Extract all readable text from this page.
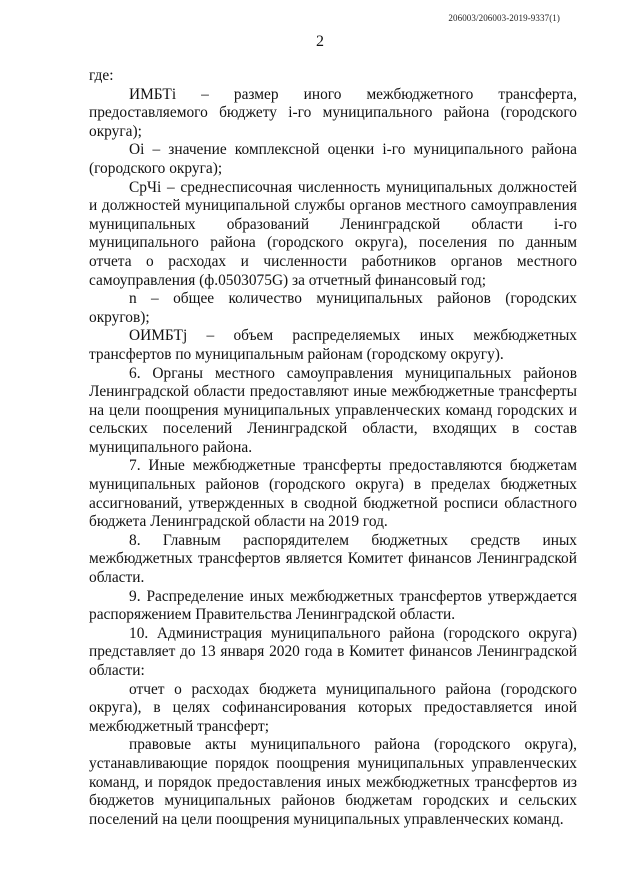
206003/206003-2019-9337(1)
2

где:

ИМБТi – размер иного межбюджетного трансферта, предоставляемого бюджету i-го муниципального района (городского округа);

Оi – значение комплексной оценки i-го муниципального района (городского округа);

СрЧi – среднесписочная численность муниципальных должностей и должностей муниципальной службы органов местного самоуправления муниципальных образований Ленинградской области i-го муниципального района (городского округа), поселения по данным отчета о расходах и численности работников органов местного самоуправления (ф.0503075G) за отчетный финансовый год;

n – общее количество муниципальных районов (городских округов);

ОИМБТj – объем распределяемых иных межбюджетных трансфертов по муниципальным районам (городскому округу).

6. Органы местного самоуправления муниципальных районов Ленинградской области предоставляют иные межбюджетные трансферты на цели поощрения муниципальных управленческих команд городских и сельских поселений Ленинградской области, входящих в состав муниципального района.

7. Иные межбюджетные трансферты предоставляются бюджетам муниципальных районов (городского округа) в пределах бюджетных ассигнований, утвержденных в сводной бюджетной росписи областного бюджета Ленинградской области на 2019 год.

8. Главным распорядителем бюджетных средств иных межбюджетных трансфертов является Комитет финансов Ленинградской области.

9. Распределение иных межбюджетных трансфертов утверждается распоряжением Правительства Ленинградской области.

10. Администрация муниципального района (городского округа) представляет до 13 января 2020 года в Комитет финансов Ленинградской области:

отчет о расходах бюджета муниципального района (городского округа), в целях софинансирования которых предоставляется иной межбюджетный трансферт;

правовые акты муниципального района (городского округа), устанавливающие порядок поощрения муниципальных управленческих команд, и порядок предоставления иных межбюджетных трансфертов из бюджетов муниципальных районов бюджетам городских и сельских поселений на цели поощрения муниципальных управленческих команд.
